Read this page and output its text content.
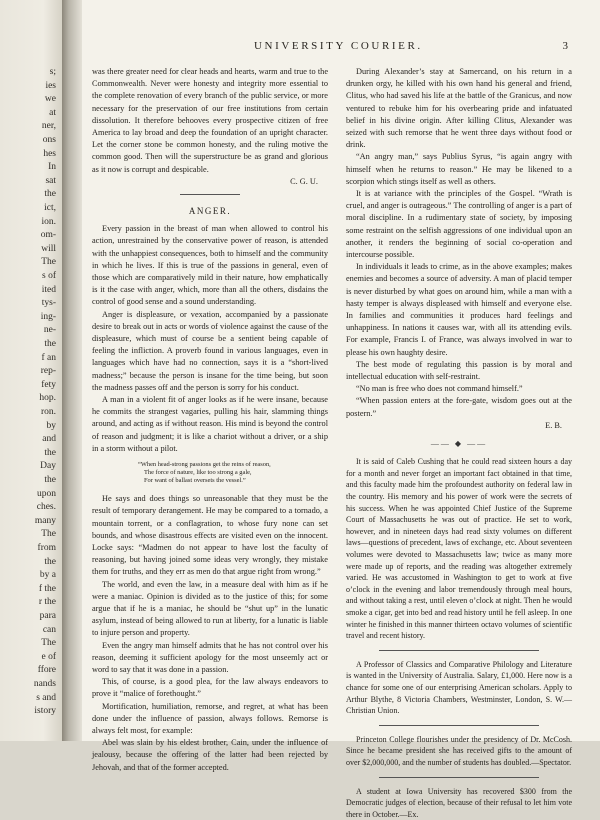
s;
ies
we
at
ner,
ons
hes
In
sat
the
ict,
ion.
om-
will
The
s of
ited
tys-
ing-
ne-
the
f an
rep-
fety
hop.
ron.
by
and
the
Day
the
upon
ches.
many
The
from
the
by a
f the
r the
para
can
The
e of
ffore
nands
s and
istory
UNIVERSITY COURIER.	3

was there greater need for clear heads and hearts, warm and true to the Commonwealth. Never were honesty and integrity more essential to the complete renovation of every branch of the public service, or more necessary for the preservation of our free institutions from certain dissolution. It therefore behooves every prospective citizen of free America to lay broad and deep the foundation of an upright character. Let the corner stone be common honesty, and the ruling motive the common good. Then will the superstructure be as grand and glorious as it now is corrupt and despicable.

C. G. U.

ANGER.

Every passion in the breast of man when allowed to control his action, unrestrained by the conservative power of reason, is attended with the unhappiest consequences, both to himself and the community in which he lives. If this is true of the passions in general, even of those which are comparatively mild in their nature, how emphatically is it the case with anger, which, more than all the others, disdains the control of good sense and a sound understanding.

Anger is displeasure, or vexation, accompanied by a passionate desire to break out in acts or words of violence against the cause of the displeasure, which must of course be a sentient being capable of feeling the infliction. A proverb found in various languages, even in languages which have had no connection, says it is a “short-lived madness;” because the person is insane for the time being, but soon the madness passes off and the person is sorry for his conduct.

A man in a violent fit of anger looks as if he were insane, because he commits the strangest vagaries, pulling his hair, slamming things around, and acting as if without reason. His mind is beyond the control of reason and judgment; it is like a chariot without a driver, or a ship in a storm without a pilot.

“When head-strong passions get the reins of reason,
The force of nature, like too strong a gale,
For want of ballast oversets the vessel.”

He says and does things so unreasonable that they must be the result of temporary derangement. He may be compared to a tornado, a mountain torrent, or a conflagration, to whose fury none can set bounds, and whose disastrous effects are visited even on the innocent. Locke says: “Madmen do not appear to have lost the faculty of reasoning, but having joined some ideas very wrongly, they mistake them for truths, and they err as men do that argue right from wrong.”

The world, and even the law, in a measure deal with him as if he were a maniac. Opinion is divided as to the justice of this; for some argue that if he is a maniac, he should be “shut up” in the lunatic asylum, instead of being allowed to run at liberty, for a lunatic is liable to injure person and property.

Even the angry man himself admits that he has not control over his reason, deeming it sufficient apology for the most unseemly act or word to say that it was done in a passion.

This, of course, is a good plea, for the law always endeavors to prove it “malice of forethought.”

Mortification, humiliation, remorse, and regret, at what has been done under the influence of passion, always follows. Remorse is always felt most, for example:

Abel was slain by his eldest brother, Cain, under the influence of jealousy, because the offering of the latter had been rejected by Jehovah, and that of the former accepted.

During Alexander’s stay at Samercand, on his return in a drunken orgy, he killed with his own hand his general and friend, Clitus, who had saved his life at the battle of the Granicus, and now ventured to rebuke him for his overbearing pride and infatuated belief in his divine origin. After killing Clitus, Alexander was seized with such remorse that he went three days without food or drink.

“An angry man,” says Publius Syrus, “is again angry with himself when he returns to reason.” He may be likened to a scorpion which stings itself as well as others.

It is at variance with the principles of the Gospel. “Wrath is cruel, and anger is outrageous.” The controlling of anger is a part of moral discipline. In a rudimentary state of society, by imposing some restraint on the selfish aggressions of one individual upon an another, it renders the beginning of social co-operation and intercourse possible.

In individuals it leads to crime, as in the above examples; makes enemies and becomes a source of adversity. A man of placid temper is never disturbed by what goes on around him, while a man with a hasty temper is always displeased with himself and everyone else. In families and communities it produces hard feelings and unhappiness. In nations it causes war, with all its attending evils. For example, Francis I. of France, was always involved in war to please his own haughty desire.

The best mode of regulating this passion is by moral and intellectual education with self-restraint.

“No man is free who does not command himself.”

“When passion enters at the fore-gate, wisdom goes out at the postern.”

E. B.

—— ◆ ——

It is said of Caleb Cushing that he could read sixteen hours a day for a month and never forget an important fact obtained in that time, and this faculty made him the profoundest authority on federal law in the country. His memory and his power of work were the secrets of his success. When he was appointed Chief Justice of the Supreme Court of Massachusetts he was out of practice. He set to work, however, and in nineteen days had read sixty volumes on different laws—questions of precedent, laws of exchange, etc. About seventeen volumes were devoted to Massachusetts law; twice as many more were made up of reports, and the reading was altogether extremely varied. He was accustomed in Washington to get to work at five o’clock in the evening and labor tremendously through meal hours, and without taking a rest, until eleven o’clock at night. Then he would smoke a cigar, get into bed and read history until he fell asleep. In one winter he finished in this manner thirteen octavo volumes of scientific travel and recent history.

A Professor of Classics and Comparative Philology and Literature is wanted in the University of Australia. Salary, £1,000. Here now is a chance for some one of our enterprising American scholars. Apply to Arthur Blythe, 8 Victoria Chambers, Westminster, London, S. W.—Christian Union.

Princeton College flourishes under the presidency of Dr. McCosh. Since he became president she has received gifts to the amount of over $2,000,000, and the number of students has doubled.—Spectator.

A student at Iowa University has recovered $300 from the Democratic judges of election, because of their refusal to let him vote there in October.—Ex.
